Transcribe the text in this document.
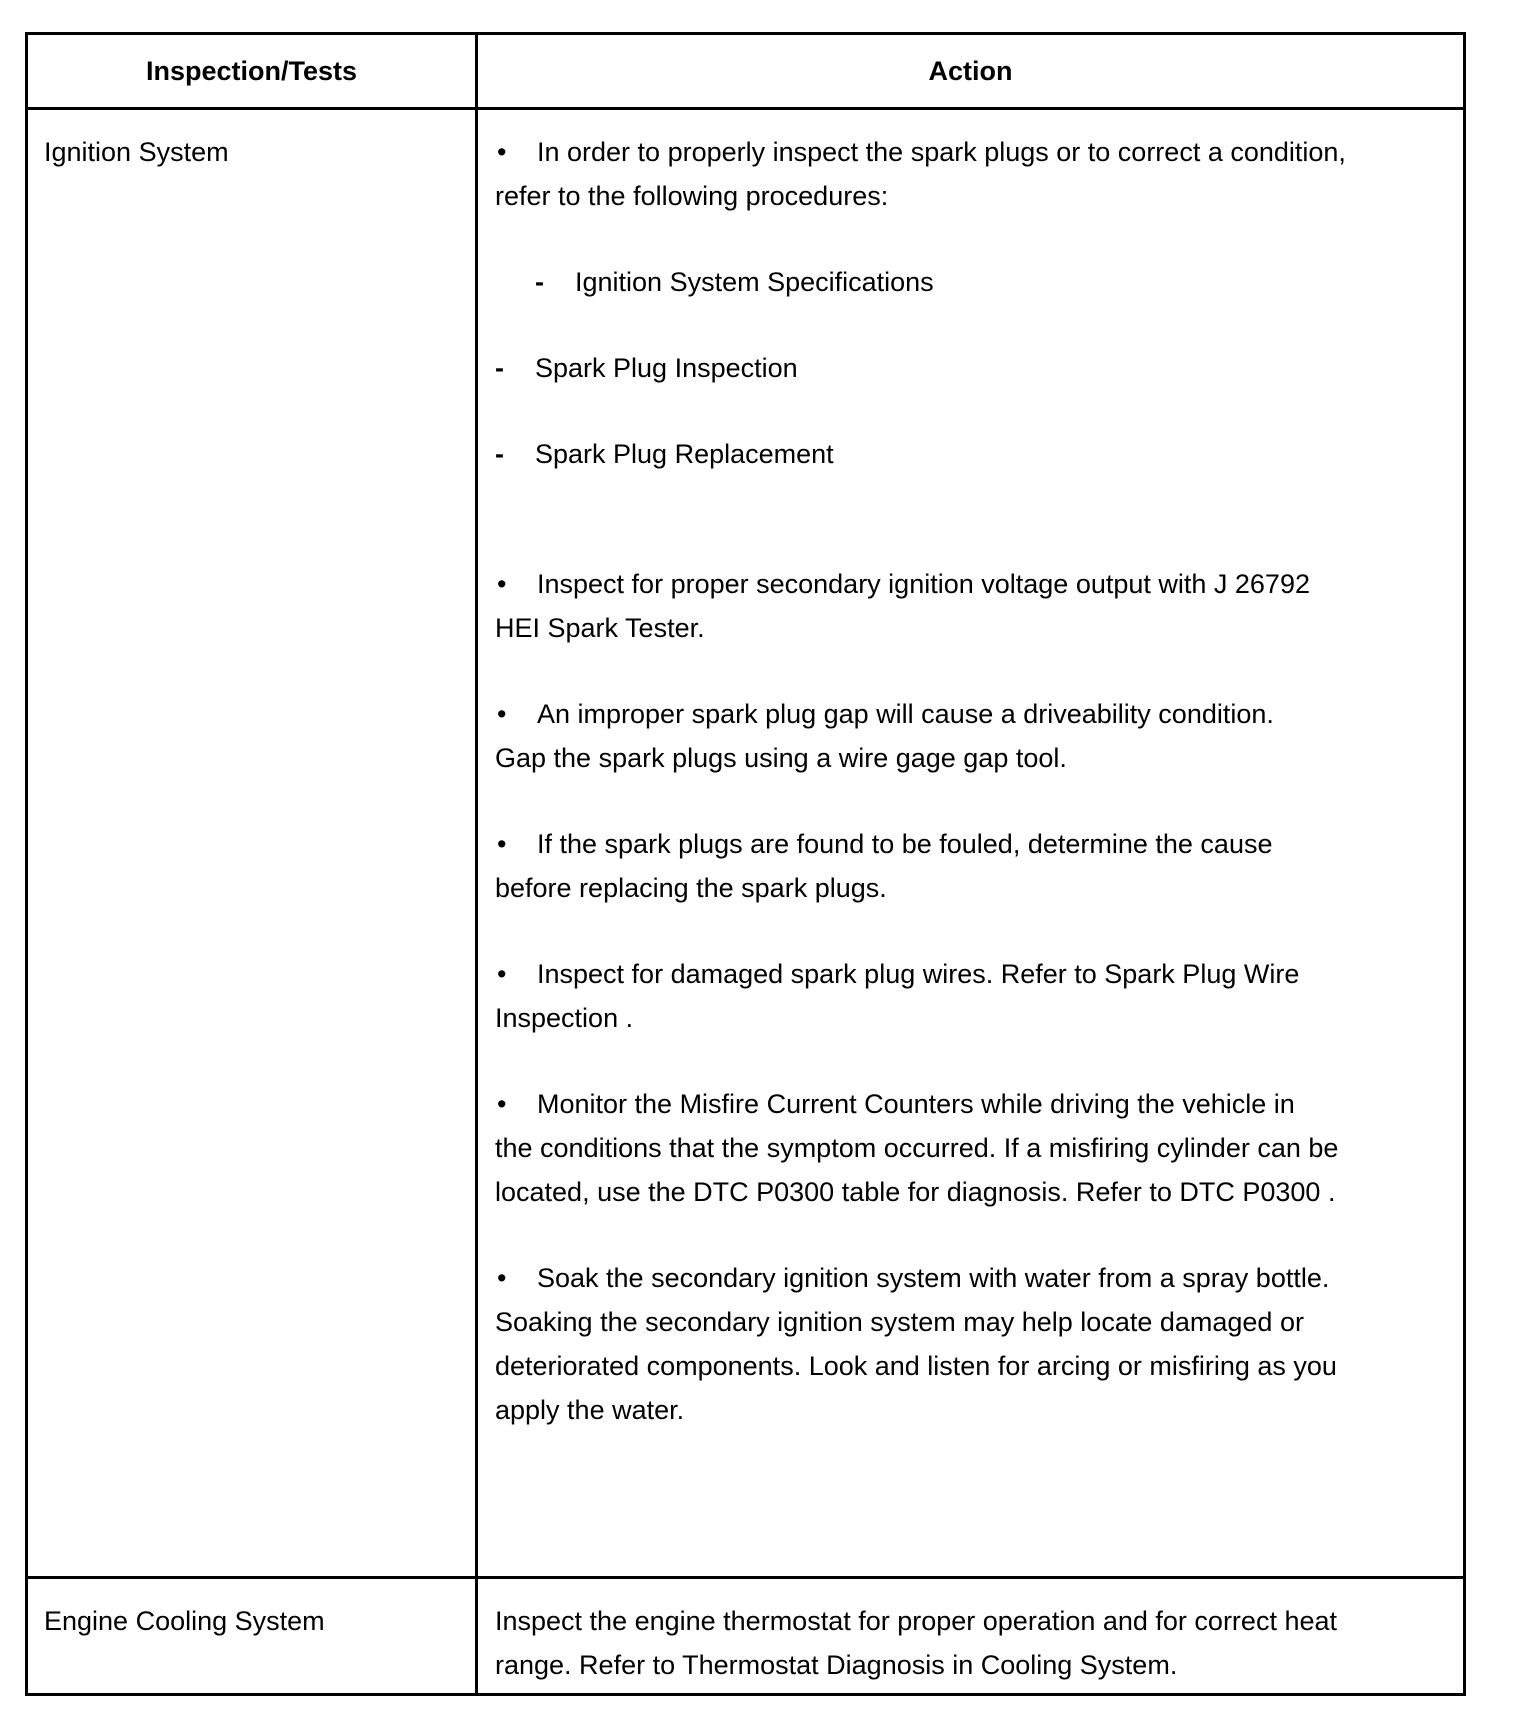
Inspection/Tests	Action
Ignition System	• In order to properly inspect the spark plugs or to correct a condition,
refer to the following procedures:
- Ignition System Specifications
- Spark Plug Inspection
- Spark Plug Replacement
• Inspect for proper secondary ignition voltage output with J 26792
HEI Spark Tester.
• An improper spark plug gap will cause a driveability condition.
Gap the spark plugs using a wire gage gap tool.
• If the spark plugs are found to be fouled, determine the cause
before replacing the spark plugs.
• Inspect for damaged spark plug wires. Refer to Spark Plug Wire
Inspection .
• Monitor the Misfire Current Counters while driving the vehicle in
the conditions that the symptom occurred. If a misfiring cylinder can be
located, use the DTC P0300 table for diagnosis. Refer to DTC P0300 .
• Soak the secondary ignition system with water from a spray bottle.
Soaking the secondary ignition system may help locate damaged or
deteriorated components. Look and listen for arcing or misfiring as you
apply the water.
Engine Cooling System	Inspect the engine thermostat for proper operation and for correct heat
range. Refer to Thermostat Diagnosis in Cooling System.
